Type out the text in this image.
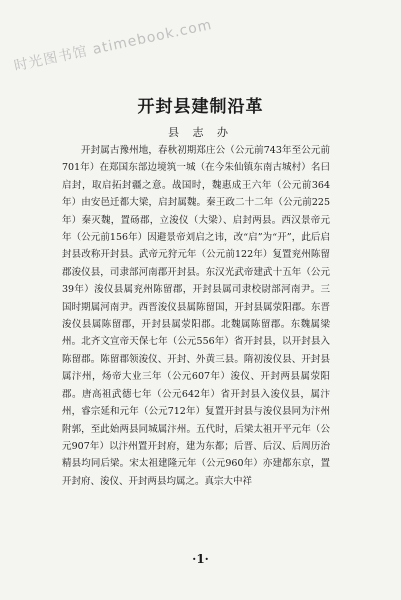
时光图书馆 atimebook.com
开封县建制沿革
县 志 办

开封属古豫州地，春秋初期郑庄公（公元前743年至公元前701年）在郑国东部边境筑一城（在今朱仙镇东南古城村）名曰启封，取启拓封疆之意。战国时，魏惠成王六年（公元前364年）由安邑迁都大梁，启封属魏。秦王政二十二年（公元前225年）秦灭魏，置砀郡，立浚仪（大梁）、启封两县。西汉景帝元年（公元前156年）因避景帝刘启之讳，改“启”为“开”，此后启封县改称开封县。武帝元狩元年（公元前122年）复置兖州陈留郡浚仪县，司隶部河南郡开封县。东汉光武帝建武十五年（公元39年）浚仪县属兖州陈留郡，开封县属司隶校尉部河南尹。三国时期属河南尹。西晋浚仪县属陈留国，开封县属荥阳郡。东晋浚仪县属陈留郡，开封县属荥阳郡。北魏属陈留郡。东魏属梁州。北齐文宣帝天保七年（公元556年）省开封县，以开封县入陈留郡。陈留郡领浚仪、开封、外黄三县。隋初浚仪县、开封县属汴州，炀帝大业三年（公元607年）浚仪、开封两县属荥阳郡。唐高祖武德七年（公元642年）省开封县入浚仪县，属汴州，睿宗延和元年（公元712年）复置开封县与浚仪县同为汴州附郭，至此始两县同城属汴州。五代时，后梁太祖开平元年（公元907年）以汴州置开封府，建为东都；后晋、后汉、后周历治精县均同后梁。宋太祖建隆元年（公元960年）亦建都东京，置开封府、浚仪、开封两县均属之。真宗大中祥

·1·
